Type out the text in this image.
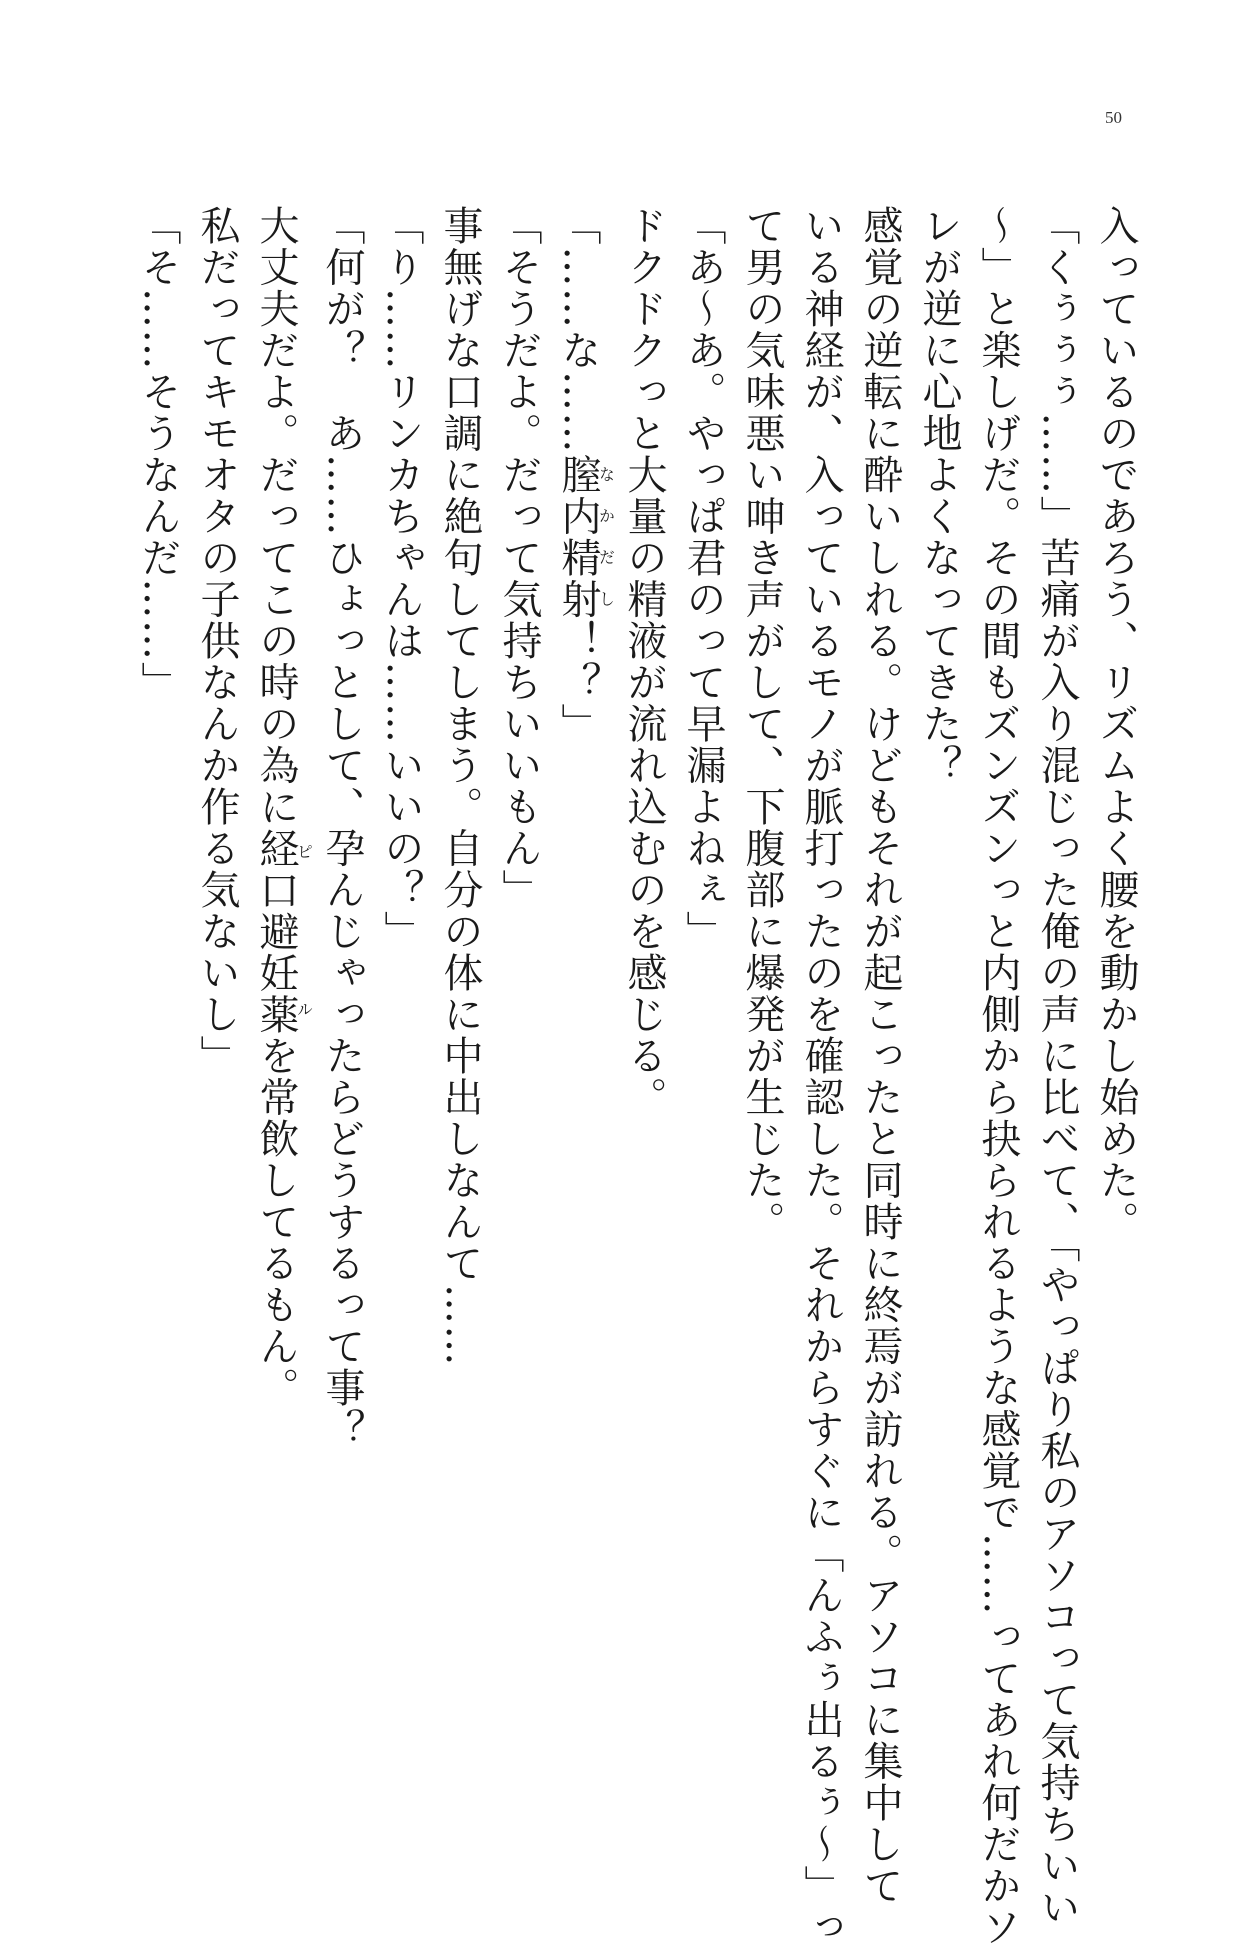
50

入っているのであろう、リズムよく腰を動かし始めた。

「くぅぅぅ……」苦痛が入り混じった俺の声に比べて、「やっぱり私のアソコって気持ちいい

～」と楽しげだ。その間もズンズンっと内側から抉られるような感覚で……ってあれ何だかソ

レが逆に心地よくなってきた？

感覚の逆転に酔いしれる。けどもそれが起こったと同時に終焉が訪れる。アソコに集中して

いる神経が、入っているモノが脈打ったのを確認した。それからすぐに「んふぅ出るぅ～」っ

て男の気味悪い呻き声がして、下腹部に爆発が生じた。

「あ～あ。やっぱ君のって早漏よねぇ」

ドクドクっと大量の精液が流れ込むのを感じる。

「……な……膣内精射なかだし！？」

「そうだよ。だって気持ちいいもん」

事無げな口調に絶句してしまう。自分の体に中出しなんて……

「り……リンカちゃんは……いいの？」

「何が？　あ……ひょっとして、孕んじゃったらどうするって事？

大丈夫だよ。だってこの時の為に経口避妊薬ピルを常飲してるもん。

私だってキモオタの子供なんか作る気ないし」

「そ……そうなんだ……」
